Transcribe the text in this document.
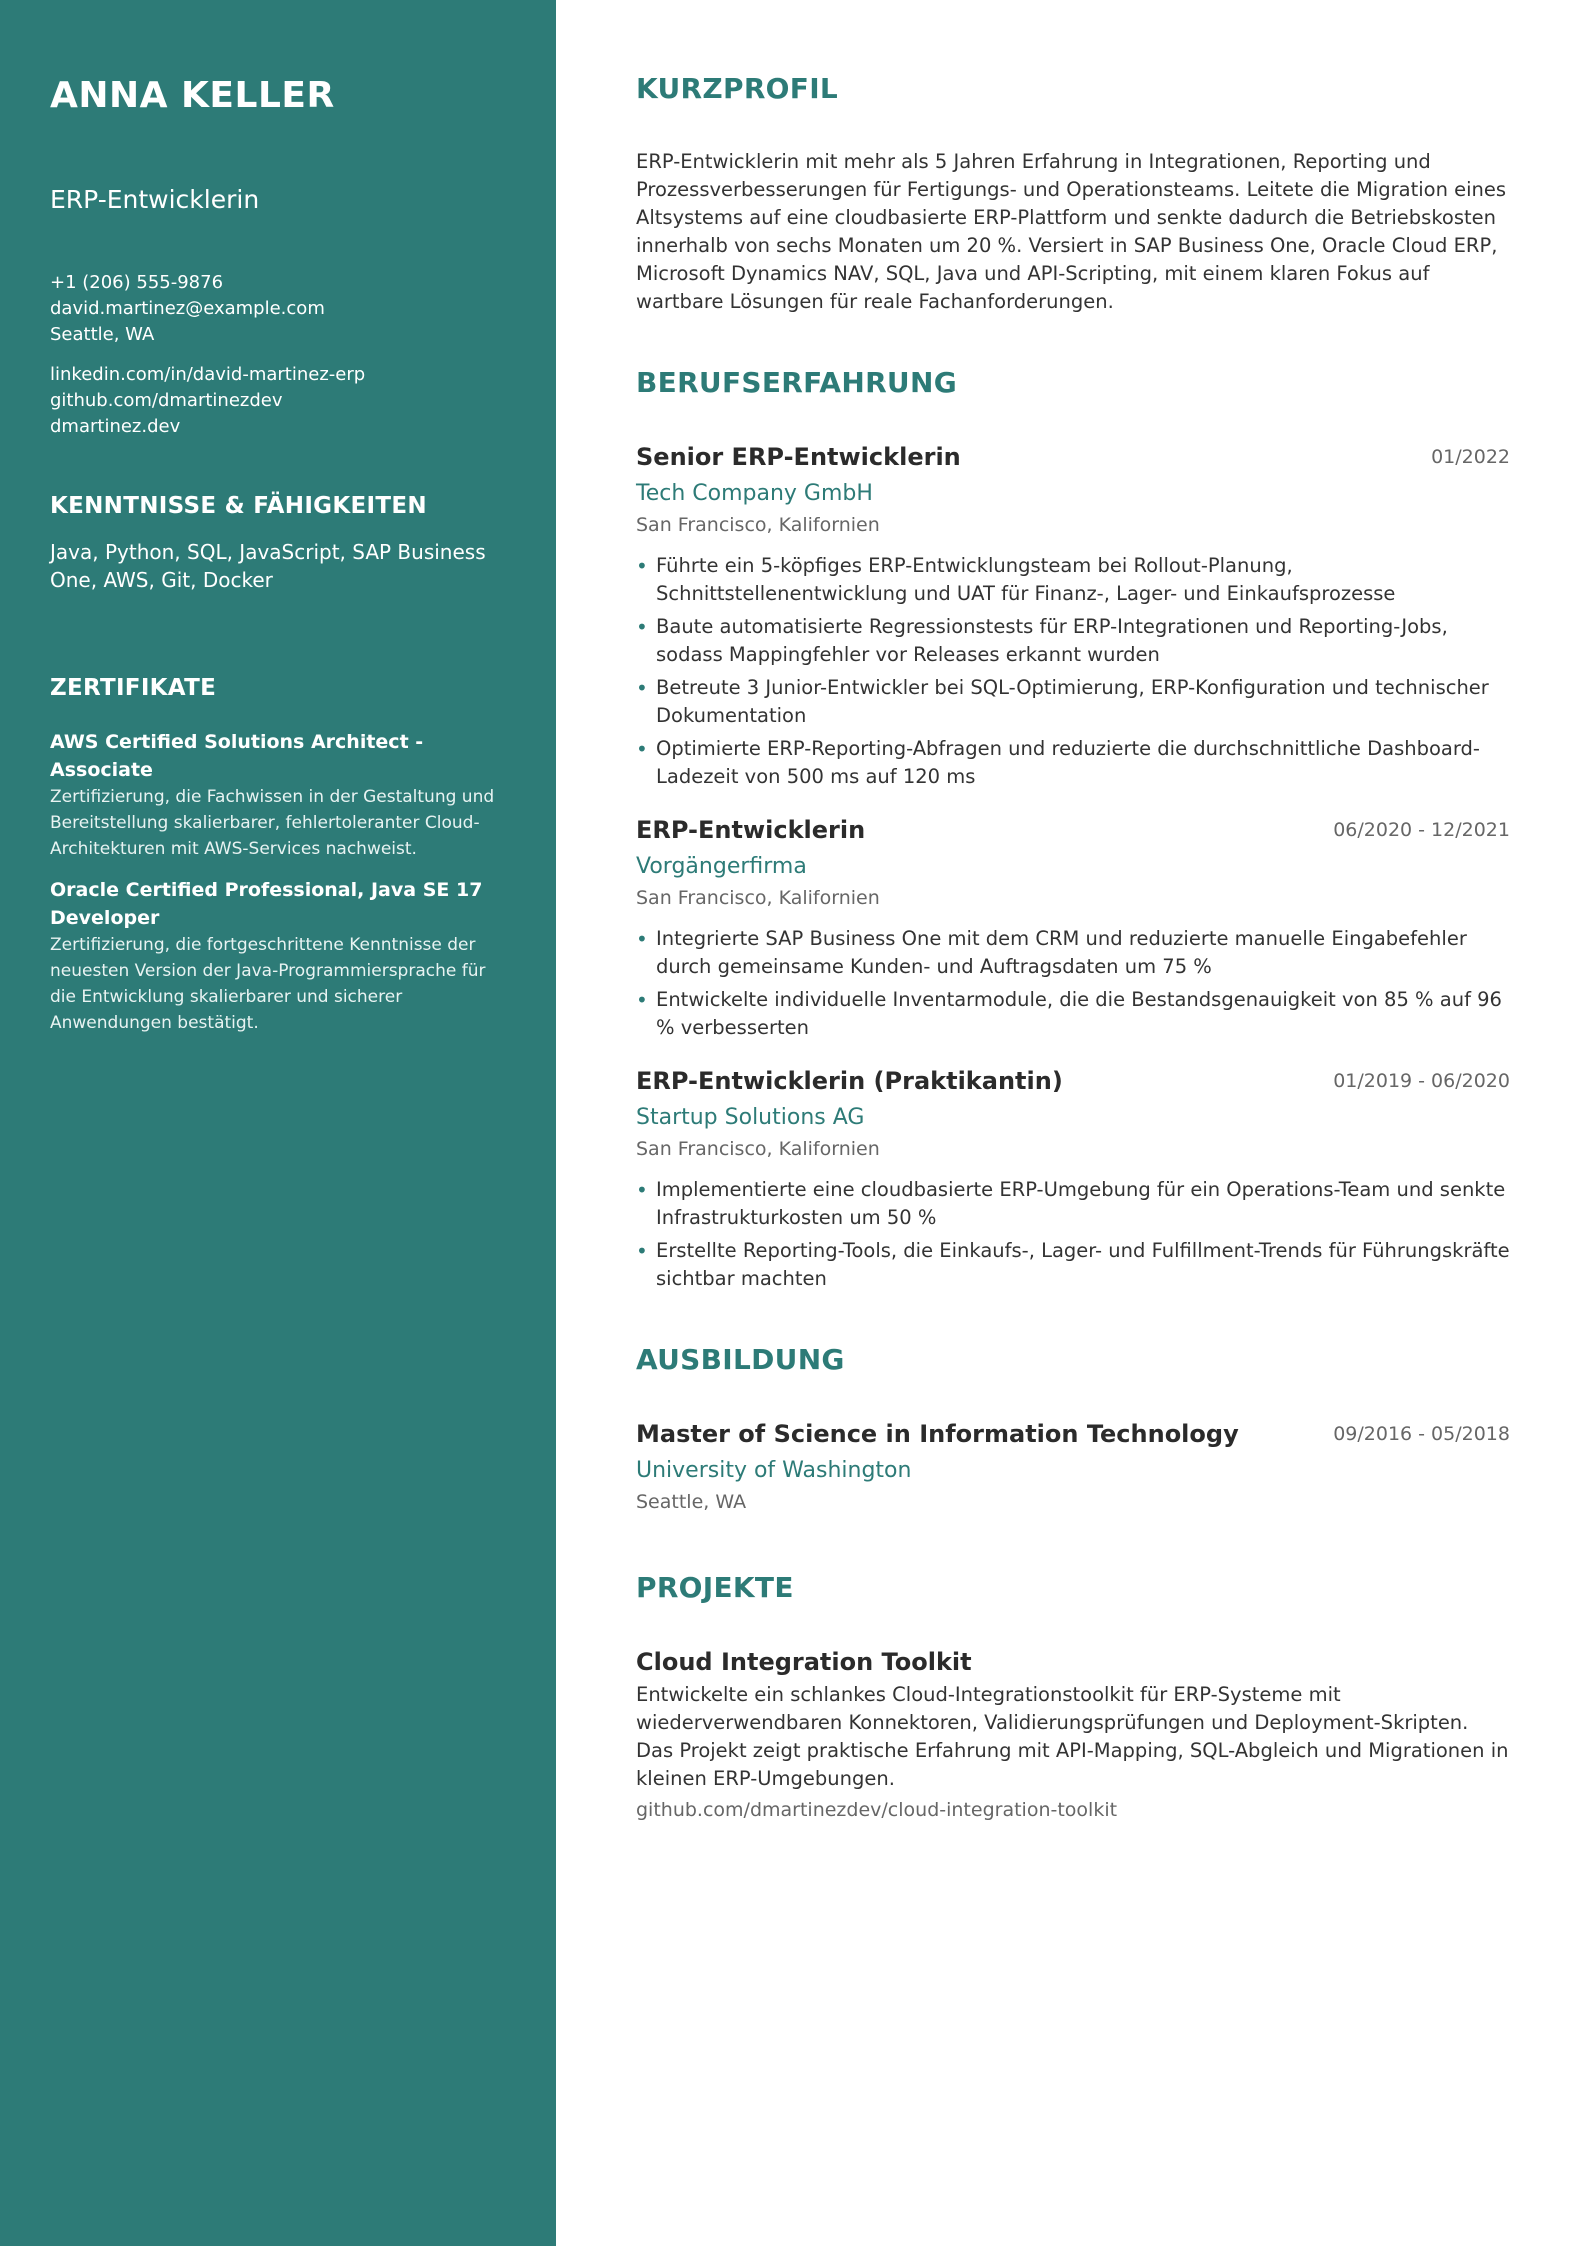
ANNA KELLER
ERP-Entwicklerin
+1 (206) 555-9876
david.martinez@example.com
Seattle, WA
linkedin.com/in/david-martinez-erp
github.com/dmartinezdev
dmartinez.dev
KENNTNISSE & FÄHIGKEITEN
Java, Python, SQL, JavaScript, SAP Business One, AWS, Git, Docker
ZERTIFIKATE
AWS Certified Solutions Architect - Associate
Zertifizierung, die Fachwissen in der Gestaltung und Bereitstellung skalierbarer, fehlertoleranter Cloud-Architekturen mit AWS-Services nachweist.
Oracle Certified Professional, Java SE 17 Developer
Zertifizierung, die fortgeschrittene Kenntnisse der neuesten Version der Java-Programmiersprache für die Entwicklung skalierbarer und sicherer Anwendungen bestätigt.
KURZPROFIL
ERP-Entwicklerin mit mehr als 5 Jahren Erfahrung in Integrationen, Reporting und Prozessverbesserungen für Fertigungs- und Operationsteams. Leitete die Migration eines Altsystems auf eine cloudbasierte ERP-Plattform und senkte dadurch die Betriebskosten innerhalb von sechs Monaten um 20 %. Versiert in SAP Business One, Oracle Cloud ERP, Microsoft Dynamics NAV, SQL, Java und API-Scripting, mit einem klaren Fokus auf wartbare Lösungen für reale Fachanforderungen.
BERUFSERFAHRUNG
Senior ERP-Entwicklerin	01/2022
Tech Company GmbH
San Francisco, Kalifornien
• Führte ein 5-köpfiges ERP-Entwicklungsteam bei Rollout-Planung, Schnittstellenentwicklung und UAT für Finanz-, Lager- und Einkaufsprozesse
• Baute automatisierte Regressionstests für ERP-Integrationen und Reporting-Jobs, sodass Mappingfehler vor Releases erkannt wurden
• Betreute 3 Junior-Entwickler bei SQL-Optimierung, ERP-Konfiguration und technischer Dokumentation
• Optimierte ERP-Reporting-Abfragen und reduzierte die durchschnittliche Dashboard-Ladezeit von 500 ms auf 120 ms
ERP-Entwicklerin	06/2020 - 12/2021
Vorgängerfirma
San Francisco, Kalifornien
• Integrierte SAP Business One mit dem CRM und reduzierte manuelle Eingabefehler durch gemeinsame Kunden- und Auftragsdaten um 75 %
• Entwickelte individuelle Inventarmodule, die die Bestandsgenauigkeit von 85 % auf 96 % verbesserten
ERP-Entwicklerin (Praktikantin)	01/2019 - 06/2020
Startup Solutions AG
San Francisco, Kalifornien
• Implementierte eine cloudbasierte ERP-Umgebung für ein Operations-Team und senkte Infrastrukturkosten um 50 %
• Erstellte Reporting-Tools, die Einkaufs-, Lager- und Fulfillment-Trends für Führungskräfte sichtbar machten
AUSBILDUNG
Master of Science in Information Technology	09/2016 - 05/2018
University of Washington
Seattle, WA
PROJEKTE
Cloud Integration Toolkit
Entwickelte ein schlankes Cloud-Integrationstoolkit für ERP-Systeme mit wiederverwendbaren Konnektoren, Validierungsprüfungen und Deployment-Skripten. Das Projekt zeigt praktische Erfahrung mit API-Mapping, SQL-Abgleich und Migrationen in kleinen ERP-Umgebungen.
github.com/dmartinezdev/cloud-integration-toolkit
